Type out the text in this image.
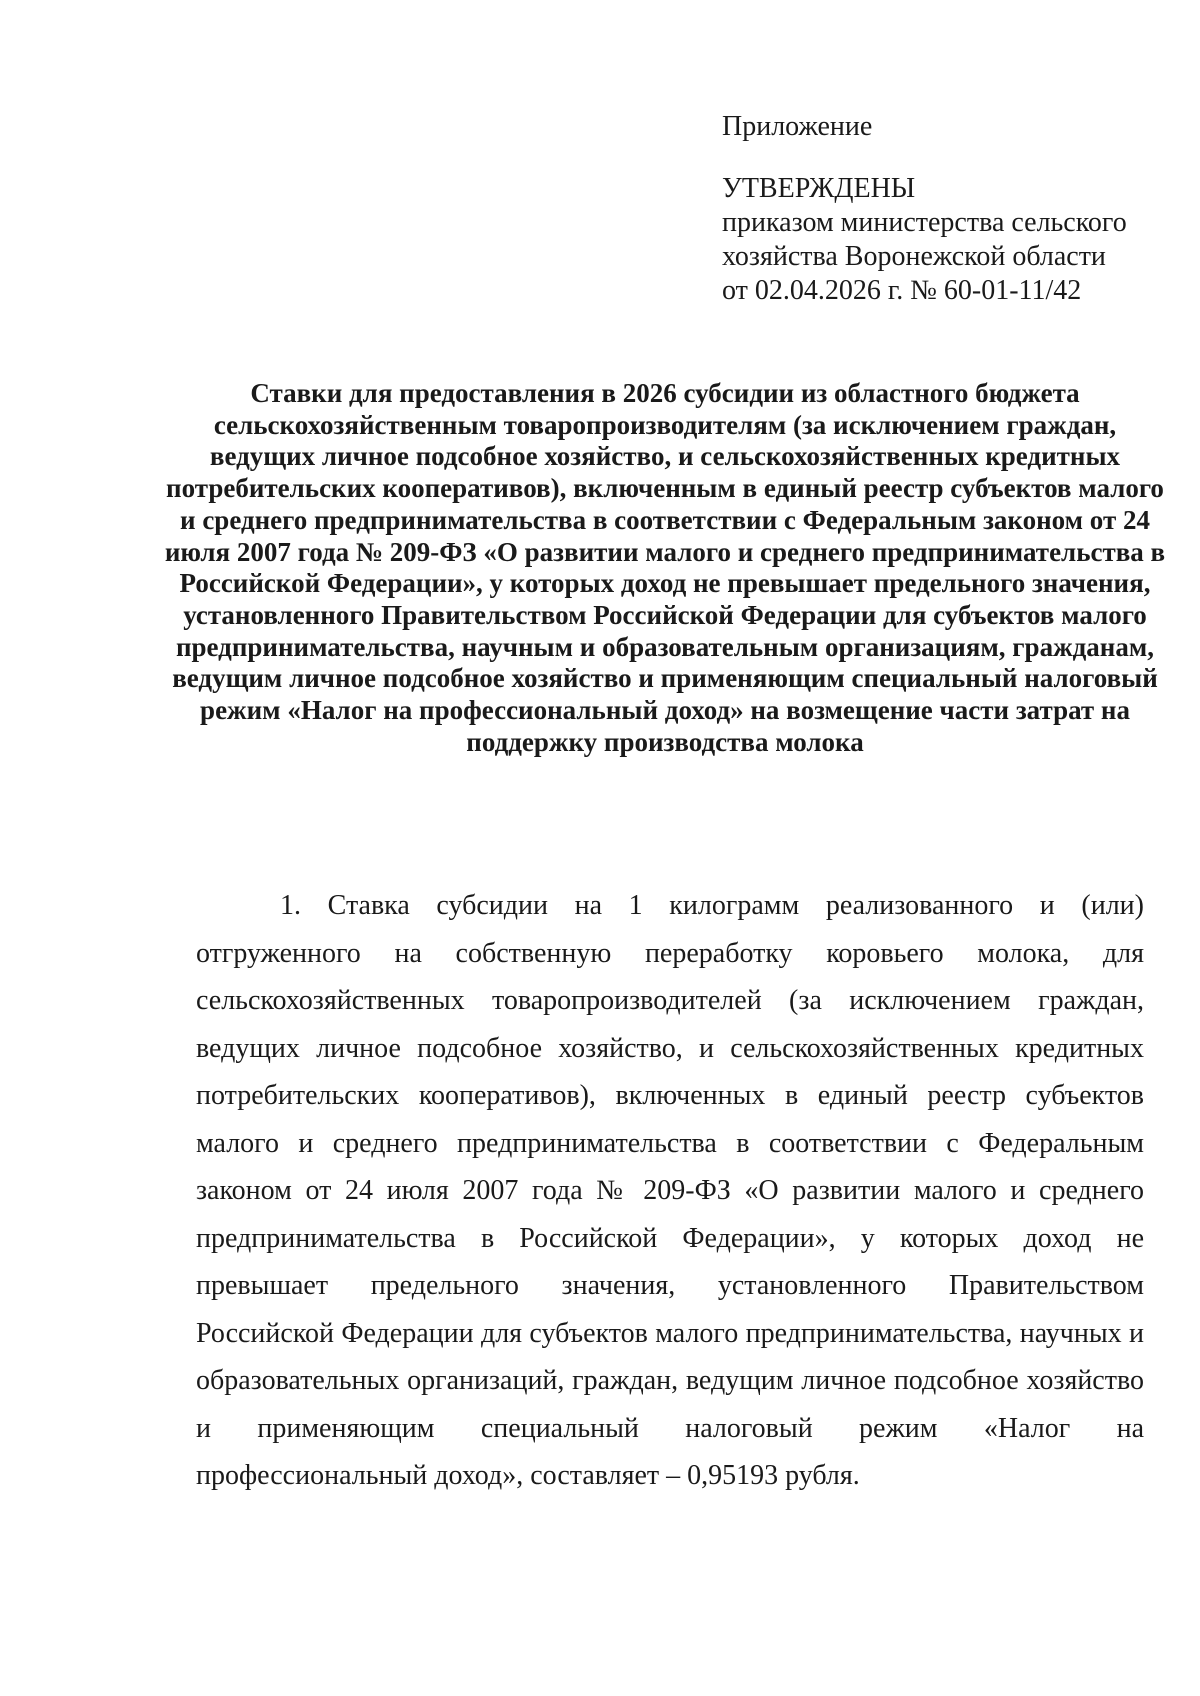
Приложение

УТВЕРЖДЕНЫ

приказом министерства сельского

хозяйства Воронежской области

от 02.04.2026 г. № 60-01-11/42

Ставки для предоставления в 2026 субсидии из областного бюджета сельскохозяйственным товаропроизводителям (за исключением граждан, ведущих личное подсобное хозяйство, и сельскохозяйственных кредитных потребительских кооперативов), включенным в единый реестр субъектов малого и среднего предпринимательства в соответствии с Федеральным законом от 24 июля 2007 года № 209-ФЗ «О развитии малого и среднего предпринимательства в Российской Федерации», у которых доход не превышает предельного значения, установленного Правительством Российской Федерации для субъектов малого предпринимательства, научным и образовательным организациям, гражданам, ведущим личное подсобное хозяйство и применяющим специальный налоговый режим «Налог на профессиональный доход» на возмещение части затрат на поддержку производства молока

1. Ставка субсидии на 1 килограмм реализованного и (или) отгруженного на собственную переработку коровьего молока, для сельскохозяйственных товаропроизводителей (за исключением граждан, ведущих личное подсобное хозяйство, и сельскохозяйственных кредитных потребительских кооперативов), включенных в единый реестр субъектов малого и среднего предпринимательства в соответствии с Федеральным законом от 24 июля 2007 года № 209-ФЗ «О развитии малого и среднего предпринимательства в Российской Федерации», у которых доход не превышает предельного значения, установленного Правительством Российской Федерации для субъектов малого предпринимательства, научных и образовательных организаций, граждан, ведущим личное подсобное хозяйство и применяющим специальный налоговый режим «Налог на профессиональный доход», составляет – 0,95193 рубля.
